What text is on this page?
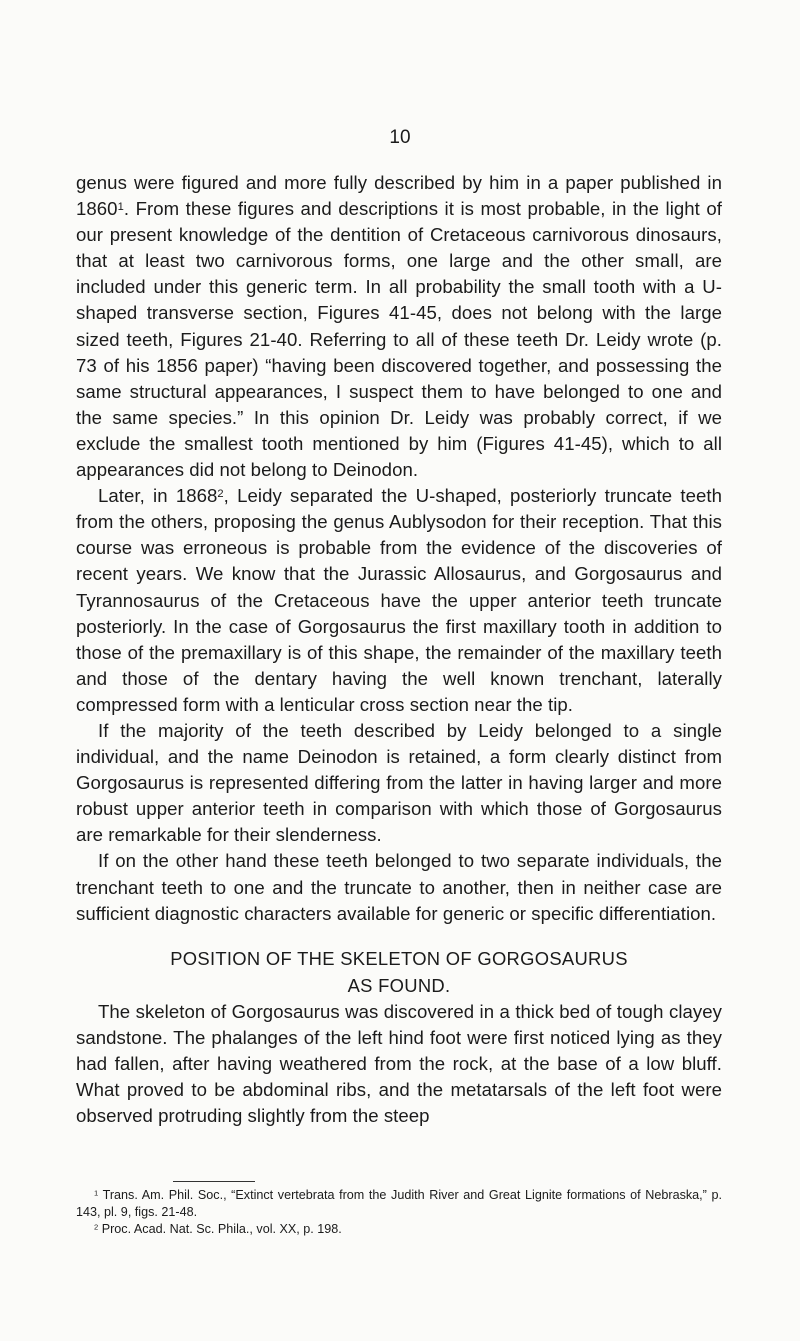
10

genus were figured and more fully described by him in a paper published in 1860$^1$. From these figures and descriptions it is most probable, in the light of our present knowledge of the dentition of Cretaceous carnivorous dinosaurs, that at least two carnivorous forms, one large and the other small, are included under this generic term. In all probability the small tooth with a U-shaped transverse section, Figures 41-45, does not belong with the large sized teeth, Figures 21-40. Referring to all of these teeth Dr. Leidy wrote (p. 73 of his 1856 paper) “having been discovered together, and possessing the same structural appearances, I suspect them to have belonged to one and the same species.” In this opinion Dr. Leidy was probably correct, if we exclude the smallest tooth mentioned by him (Figures 41-45), which to all appearances did not belong to Deinodon.

Later, in 1868$^2$, Leidy separated the U-shaped, posteriorly truncate teeth from the others, proposing the genus Aublysodon for their reception. That this course was erroneous is probable from the evidence of the discoveries of recent years. We know that the Jurassic Allosaurus, and Gorgosaurus and Tyrannosaurus of the Cretaceous have the upper anterior teeth truncate posteriorly. In the case of Gorgosaurus the first maxillary tooth in addition to those of the premaxillary is of this shape, the remainder of the maxillary teeth and those of the dentary having the well known trenchant, laterally compressed form with a lenticular cross section near the tip.

If the majority of the teeth described by Leidy belonged to a single individual, and the name Deinodon is retained, a form clearly distinct from Gorgosaurus is represented differing from the latter in having larger and more robust upper anterior teeth in comparison with which those of Gorgosaurus are remarkable for their slenderness.

If on the other hand these teeth belonged to two separate individuals, the trenchant teeth to one and the truncate to another, then in neither case are sufficient diagnostic characters available for generic or specific differentiation.

POSITION OF THE SKELETON OF GORGOSAURUS
AS FOUND.

The skeleton of Gorgosaurus was discovered in a thick bed of tough clayey sandstone. The phalanges of the left hind foot were first noticed lying as they had fallen, after having weathered from the rock, at the base of a low bluff. What proved to be abdominal ribs, and the metatarsals of the left foot were observed protruding slightly from the steep

$^1$ Trans. Am. Phil. Soc., “Extinct vertebrata from the Judith River and Great Lignite formations of Nebraska,” p. 143, pl. 9, figs. 21-48.

$^2$ Proc. Acad. Nat. Sc. Phila., vol. XX, p. 198.
